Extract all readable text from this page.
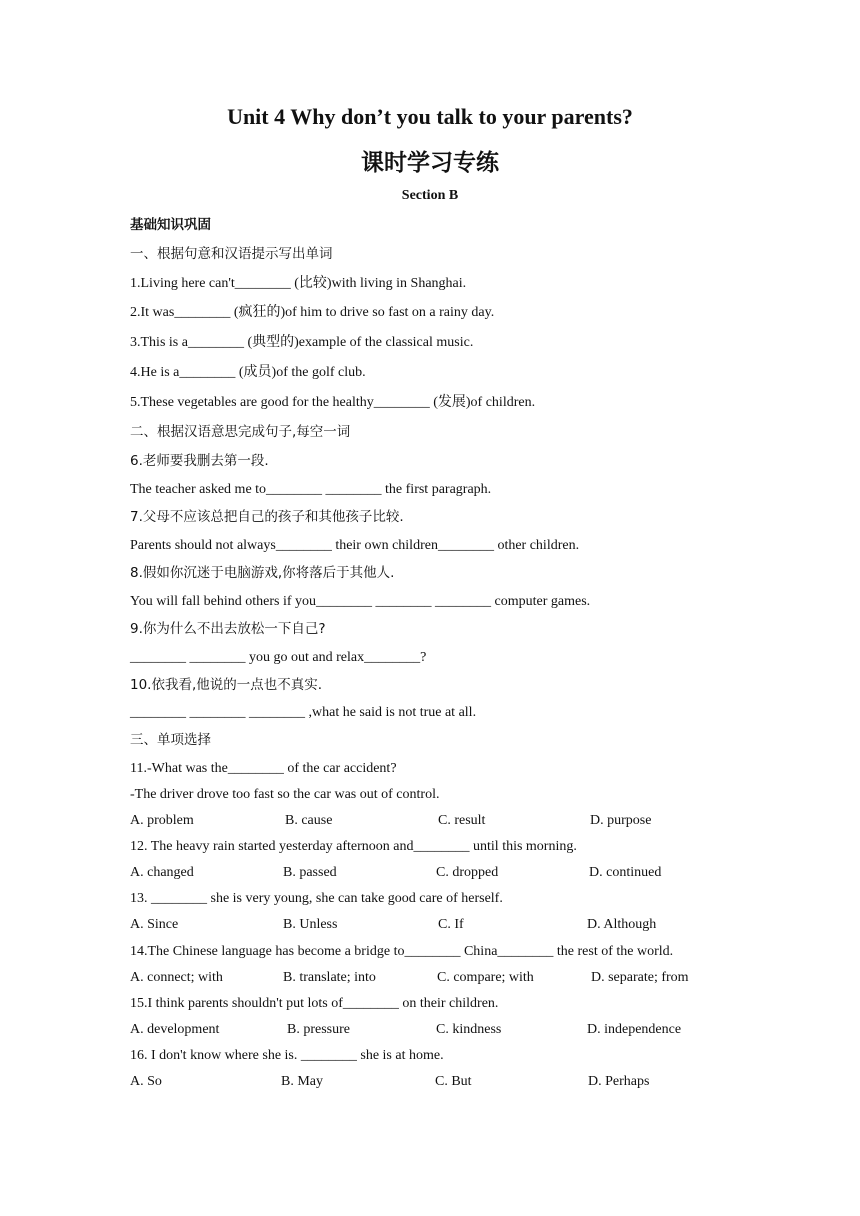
Unit 4 Why don’t you talk to your parents?
课时学习专练
Section B
基础知识巩固
一、根据句意和汉语提示写出单词
1.Living here can't________ (比较)with living in Shanghai.
2.It was________ (疯狂的)of him to drive so fast on a rainy day.
3.This is a________ (典型的)example of the classical music.
4.He is a________ (成员)of the golf club.
5.These vegetables are good for the healthy________ (发展)of children.
二、根据汉语意思完成句子,每空一词
6.老师要我删去第一段.
The teacher asked me to________ ________ the first paragraph.
7.父母不应该总把自己的孩子和其他孩子比较.
Parents should not always________ their own children________ other children.
8.假如你沉迷于电脑游戏,你将落后于其他人.
You will fall behind others if you________ ________ ________ computer games.
9.你为什么不出去放松一下自己?
________ ________ you go out and relax________?
10.依我看,他说的一点也不真实.
________ ________ ________ ,what he said is not true at all.
三、单项选择
11.-What was the________ of the car accident?
-The driver drove too fast so the car was out of control.
A. problem	B. cause	C. result	D. purpose
12. The heavy rain started yesterday afternoon and________ until this morning.
A. changed	B. passed	C. dropped	D. continued
13. ________ she is very young, she can take good care of herself.
A. Since	B. Unless	C. If	D. Although
14.The Chinese language has become a bridge to________ China________ the rest of the world.
A. connect; with	B. translate; into	C. compare; with	D. separate; from
15.I think parents shouldn't put lots of________ on their children.
A. development	B. pressure	C. kindness	D. independence
16. I don't know where she is. ________ she is at home.
A. So	B. May	C. But	D. Perhaps
